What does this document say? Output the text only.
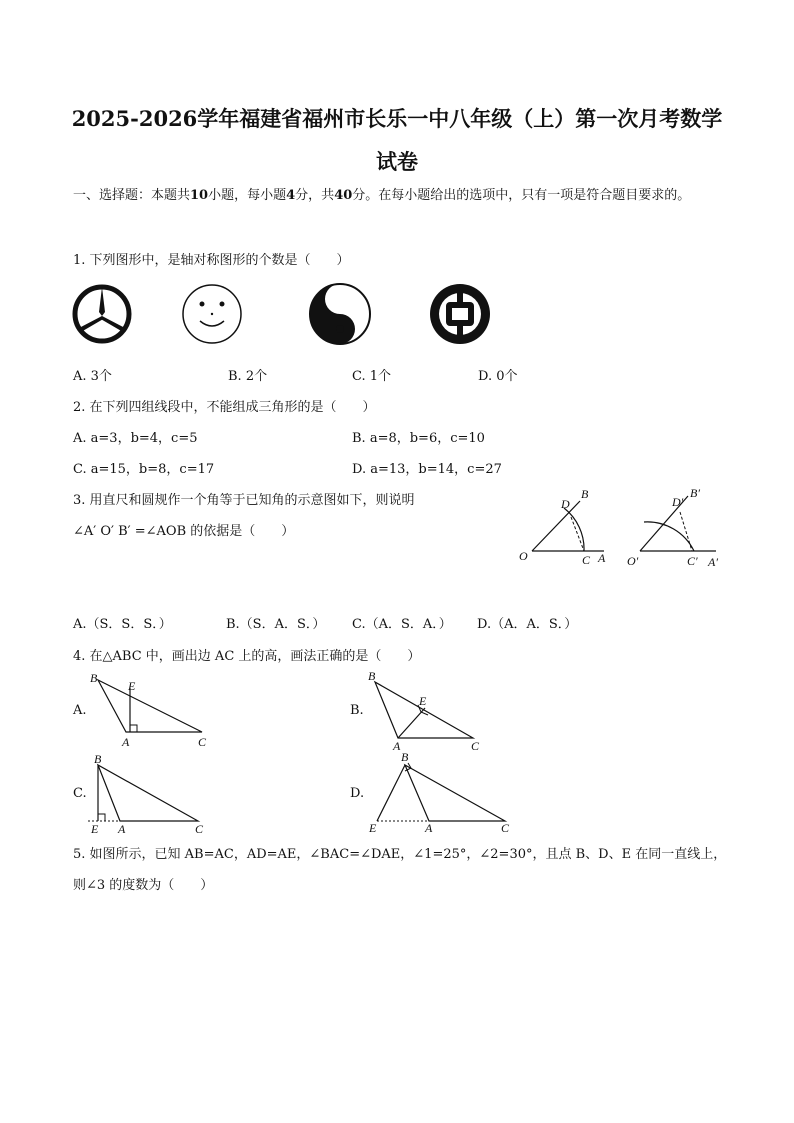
2025-2026学年福建省福州市长乐一中八年级（上）第一次月考数学
试卷
一、选择题：本题共10小题，每小题4分，共40分。在每小题给出的选项中，只有一项是符合题目要求的。
1. 下列图形中，是轴对称图形的个数是（　　）
A. 3个	B. 2个	C. 1个	D. 0个
2. 在下列四组线段中，不能组成三角形的是（　　）
A. a=3，b=4，c=5	B. a=8，b=6，c=10
C. a=15，b=8，c=17	D. a=13，b=14，c=27
3. 用直尺和圆规作一个角等于已知角的示意图如下，则说明
∠A′ O′ B′ =∠AOB 的依据是（　　）
O	A
B
C
D
O′	A′
B′
C′
D′
A.（S．S．S．）	B.（S．A．S．） C.（A．S．A．） D.（A．A．S．）
4. 在△ABC 中，画出边 AC 上的高，画法正确的是（　　）
A.
B
E
A	C
B.
B
E
A	C
C.
B
E A	C
D.
B
E	A	C
5. 如图所示，已知 AB=AC，AD=AE，∠BAC=∠DAE，∠1=25°，∠2=30°，且点 B、D、E 在同一直线上，
则∠3 的度数为（　　）
